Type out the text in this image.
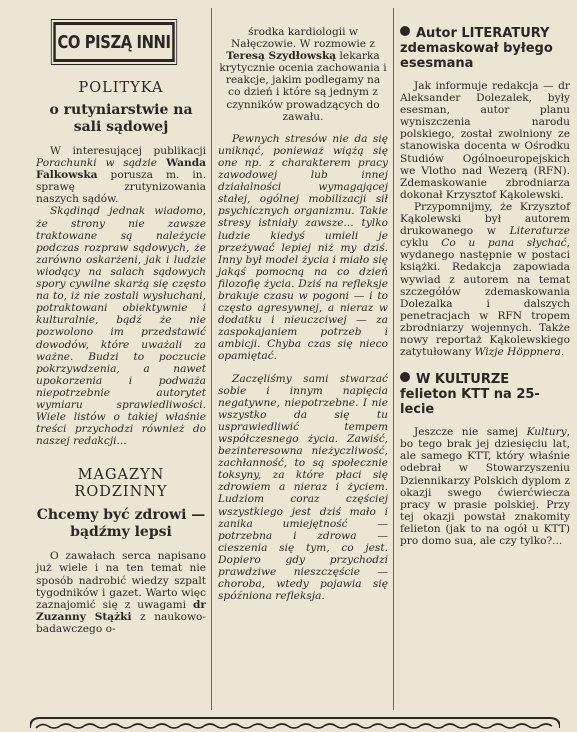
CO PISZĄ INNI
POLITYKA
o rutyniarstwie na sali sądowej

W interesującej publikacji Porachunki w sądzie Wanda Falkowska porusza m. in. sprawę zrutynizowania naszych sądów.

Skądinąd jednak wiadomo, że strony nie zawsze traktowane są należycie podczas rozpraw sądowych, że zarówno oskarżeni, jak i ludzie wiodący na salach sądowych spory cywilne skarżą się często na to, iż nie zostali wysłuchani, potraktowani obiektywnie i kulturalnie, bądź że nie pozwolono im przedstawić dowodów, które uważali za ważne. Budzi to poczucie pokrzywdzenia, a nawet upokorzenia i podważa niepotrzebnie autorytet wymiaru sprawiedliwości. Wiele listów o takiej właśnie treści przychodzi również do naszej redakcji...

MAGAZYN
RODZINNY
Chcemy być zdrowi — bądźmy lepsi

O zawałach serca napisano już wiele i na ten temat nie sposób nadrobić wiedzy szpalt tygodników i gazet. Warto więc zaznajomić się z uwagami dr Zuzanny Stążki z naukowo-badawczego o-

środka kardiologii w Nałęczowie. W rozmowie z Teresą Szydłowską lekarka krytycznie ocenia zachowania i reakcje, jakim podlegamy na co dzień i które są jednym z czynników prowadzących do zawału.

Pewnych stresów nie da się uniknąć, ponieważ wiążą się one np. z charakterem pracy zawodowej lub innej działalności wymagającej stałej, ogólnej mobilizacji sił psychicznych organizmu. Takie stresy istniały zawsze... tylko ludzie kiedyś umieli je przeżywać lepiej niż my dziś. Inny był model życia i miało się jakąś pomocną na co dzień filozofię życia. Dziś na refleksje brakuje czasu w pogoni — i to często agresywnej, a nieraz w dodatku i nieuczciwej — za zaspokajaniem potrzeb i ambicji. Chyba czas się nieco opamiętać.

Zaczęliśmy sami stwarzać sobie i innym napięcia negatywne, niepotrzebne. I nie wszystko da się tu usprawiedliwić tempem współczesnego życia. Zawiść, bezinteresowna nieżyczliwość, zachłanność, to są społecznie toksyny, za które płaci się zdrowiem a nieraz i życiem. Ludziom coraz częściej wszystkiego jest dziś mało i zanika umiejętność — potrzebna i zdrowa — cieszenia się tym, co jest. Dopiero gdy przychodzi prawdziwe nieszczęście — choroba, wtedy pojawia się spóźniona refleksja.

Autor LITERATURY zdemaskował byłego esesmana

Jak informuje redakcja — dr Aleksander Dolezalek, były esesman, autor planu wyniszczenia narodu polskiego, został zwolniony ze stanowiska docenta w Ośrodku Studiów Ogólnoeuropejskich we Vlotho nad Wezerą (RFN). Zdemaskowanie zbrodniarza dokonał Krzysztof Kąkolewski.

Przypomnijmy, że Krzysztof Kąkolewski był autorem drukowanego w Literaturze cyklu Co u pana słychać, wydanego następnie w postaci książki. Redakcja zapowiada wywiad z autorem na temat szczegółów zdemaskowania Dolezalka i dalszych penetracjach w RFN tropem zbrodniarzy wojennych. Także nowy reportaż Kąkolewskiego zatytułowany Wizje Höppnera.

W KULTURZE felieton KTT na 25-lecie

Jeszcze nie samej Kultury, bo tego brak jej dziesięciu lat, ale samego KTT, który właśnie odebrał w Stowarzyszeniu Dziennikarzy Polskich dyplom z okazji swego ćwierćwiecza pracy w prasie polskiej. Przy tej okazji powstał znakomity felieton (jak to na ogół u KTT) pro domo sua, ale czy tylko?...
